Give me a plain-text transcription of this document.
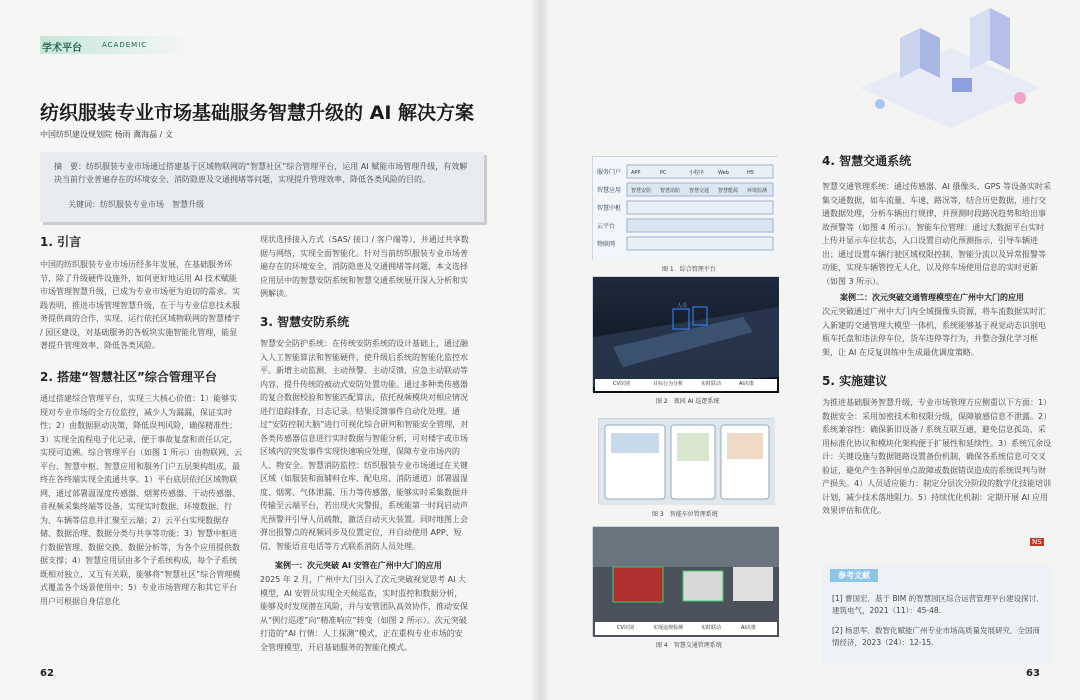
学术平台	ACADEMIC
纺织服装专业市场基础服务智慧升级的 AI 解决方案
中国纺织建设规划院 杨雨 冀海磊 / 文
摘　要：纺织服装专业市场通过搭建基于区域物联网的“智慧社区”综合管理平台，运用 AI 赋能市场管理升级，有效解决当前行业普遍存在的环境安全、消防隐患及交通拥堵等问题，实现提升管理效率、降低各类风险的目的。
关键词：纺织服装专业市场　智慧升级
1. 引言
中国的纺织服装专业市场历经多年发展，在基础服务环节，除了升级硬件设施外，如何更好地运用 AI 技术赋能市场管理智慧升级，已成为专业市场更为迫切的需求。实践表明，推进市场管理智慧升级，在于与专业信息技术服务提供商的合作，实现、运行依托区域物联网的智慧楼宇 / 园区建设，对基础服务的各板块实施智能化管理，能显著提升管理效率、降低各类风险。
2. 搭建“智慧社区”综合管理平台
通过搭建综合管理平台，实现三大核心价值：1）能够实现对专业市场的全方位监控，减少人为漏漏，保证实时性；2）由数据驱动决策，降低误判风险，确保精准性；3）实现全流程电子化记录，便于事故复盘和责任认定，实现可追溯。综合管理平台（如图 1 所示）由物联网、云平台、智慧中枢、智慧应用和服务门户五层架构组成，最终在各终端实现全流通共享。1）平台底层依托区域物联网，通过部署温湿度传感器、烟雾传感器、干动传感器、音视频采集终端等设备，实现实时数据、环境数据、行为、车辆等信息并汇聚至云端；2）云平台实现数据存储、数据治理、数据分类与共享等功能；3）智慧中枢进行数据管理、数据交换、数据分析等，为各个应用提供数据支撑；4）智慧应用层由多个子系统构成，每个子系统既相对独立，又互有关联，能够将“智慧社区”综合管理模式覆盖各个场景使用中；5）专业市场管理方和其它平台用户可根据自身信息化
现状选择接入方式（SAS/ 接口 / 客户端等），并通过共享数据与网络，实现全面智能化。针对当前纺织服装专业市场普遍存在的环境安全、消防隐患及交通拥堵等问题，本文选择应用层中的智慧安防系统和智慧交通系统展开深入分析和实例解读。
3. 智慧安防系统
智慧安全防护系统：在传统安防系统的设计基础上，通过融入人工智能算法和智能硬件，使升级后系统的智能化监控水平。新增主动监测、主动预警、主动反馈、应急主动联动等内容，提升传统的被动式安防处置功能。通过多种类传感器的复合数据校验和智能匹配算法，依托视频模块对相应情况进行追踪排查，日志记录。结果反馈事件自动化处理。通过“安防控制大脑”进行可视化综合研判和智能安全管理，对各类传感器信息进行实时数据与智能分析，可对楼宇或市场区域内的突发事件实现快速响应处理，保障专业市场内的人、物安全。智慧消防监控：纺织服装专业市场通过在关键区域（如服装和面辅料仓库、配电房、消防通道）部署温湿度、烟雾、气体泄漏、压力等传感器，能够实时采集数据并传输至云端平台，若出现火灾警报，系统能第一时间启动声光预警并引导人员疏散，激活自动灭火装置。同时地图上会弹出报警点的视频同步及位置定位，并自动使用 APP、短信、智能语音电话等方式联系消防人员处理。
案例一：次元突破 AI 安管在广州中大门的应用
2025 年 2 月，广州中大门引入了次元突破视觉思考 AI 大模型，AI 安管员实现全天候巡查，实时监控和数据分析，能够及时发现潜在风险，并与安管团队高效协作，推动安保从“例行巡逻”向“精准响应”转变（如图 2 所示）。次元突破打造的“AI 行情：人工探测”模式，正在重构专业市场的安全管理模型，开启基础服务的智能化模式。
62
服务门户 APP	PC	小程序	Web	H5
智慧应用 智慧安防 智慧消防 智慧交通 智慧能源 环境监测
智慧中枢
云平台
物联网
图 1　综合管理平台
人员
CV识别	目标行为分析	实时联动	AI决策
图 2　夜间 AI 巡逻系统
图 3　智能车位管理系统
CV识别	实现违规检测	实时联动	AI决策
图 4　智慧交通管理系统
4. 智慧交通系统
智慧交通管理系统：通过传感器、AI 摄像头、GPS 等设备实时采集交通数据，如车流量、车速、路况等，结合历史数据，进行交通数据处理，分析车辆出行规律，并预测时段路况趋势和给出事故预警等（如图 4 所示）。智能车位管理：通过大数据平台实时上传并显示车位状态，入口设置自动化预测指示，引导车辆进出；通过设置车辆行驶区域权限控制、智能分流以及异常报警等功能，实现车辆管控无人化，以及停车场使用信息的实时更新（如图 3 所示）。
案例二：次元突破交通管理模型在广州中大门的应用
次元突破通过广州中大门内全域摄像头资源，将车流数据实时汇入新建的交通管理大模型一体机，系统能够基于视觉动态识别电瓶车托盘和违法停车位，货车违停等行为，并整合强化学习框架，让 AI 在反复训练中生成最优调度策略。
5. 实施建议
为推进基础服务智慧升级，专业市场管理方应侧重以下方面：1）数据安全：采用加密技术和权限分级，保障敏感信息不泄露。2）系统兼容性：确保新旧设备 / 系统互联互通，避免信息孤岛，采用标准化协议和模块化架构便于扩展性和延续性。3）系统冗余设计：关键设施与数据链路设置备份机制，确保各系统信息可交叉验证，避免产生各种因单点故障或数据错误造成的系统误判与财产损失。4）人员适应能力：制定分层次分阶段的数字化技能培训计划，减少技术落地阻力。5）持续优化机制：定期开展 AI 应用效果评估和优化。
NS
参考文献
[1] 曹国宏．基于 BIM 的智慧园区综合运营管理平台建设探讨．建筑电气，2021（11）：45-48.
[2] 杨思军．数智化赋能广州专业市场高质量发展研究．全国商情经济，2023（24）：12-15.
63
